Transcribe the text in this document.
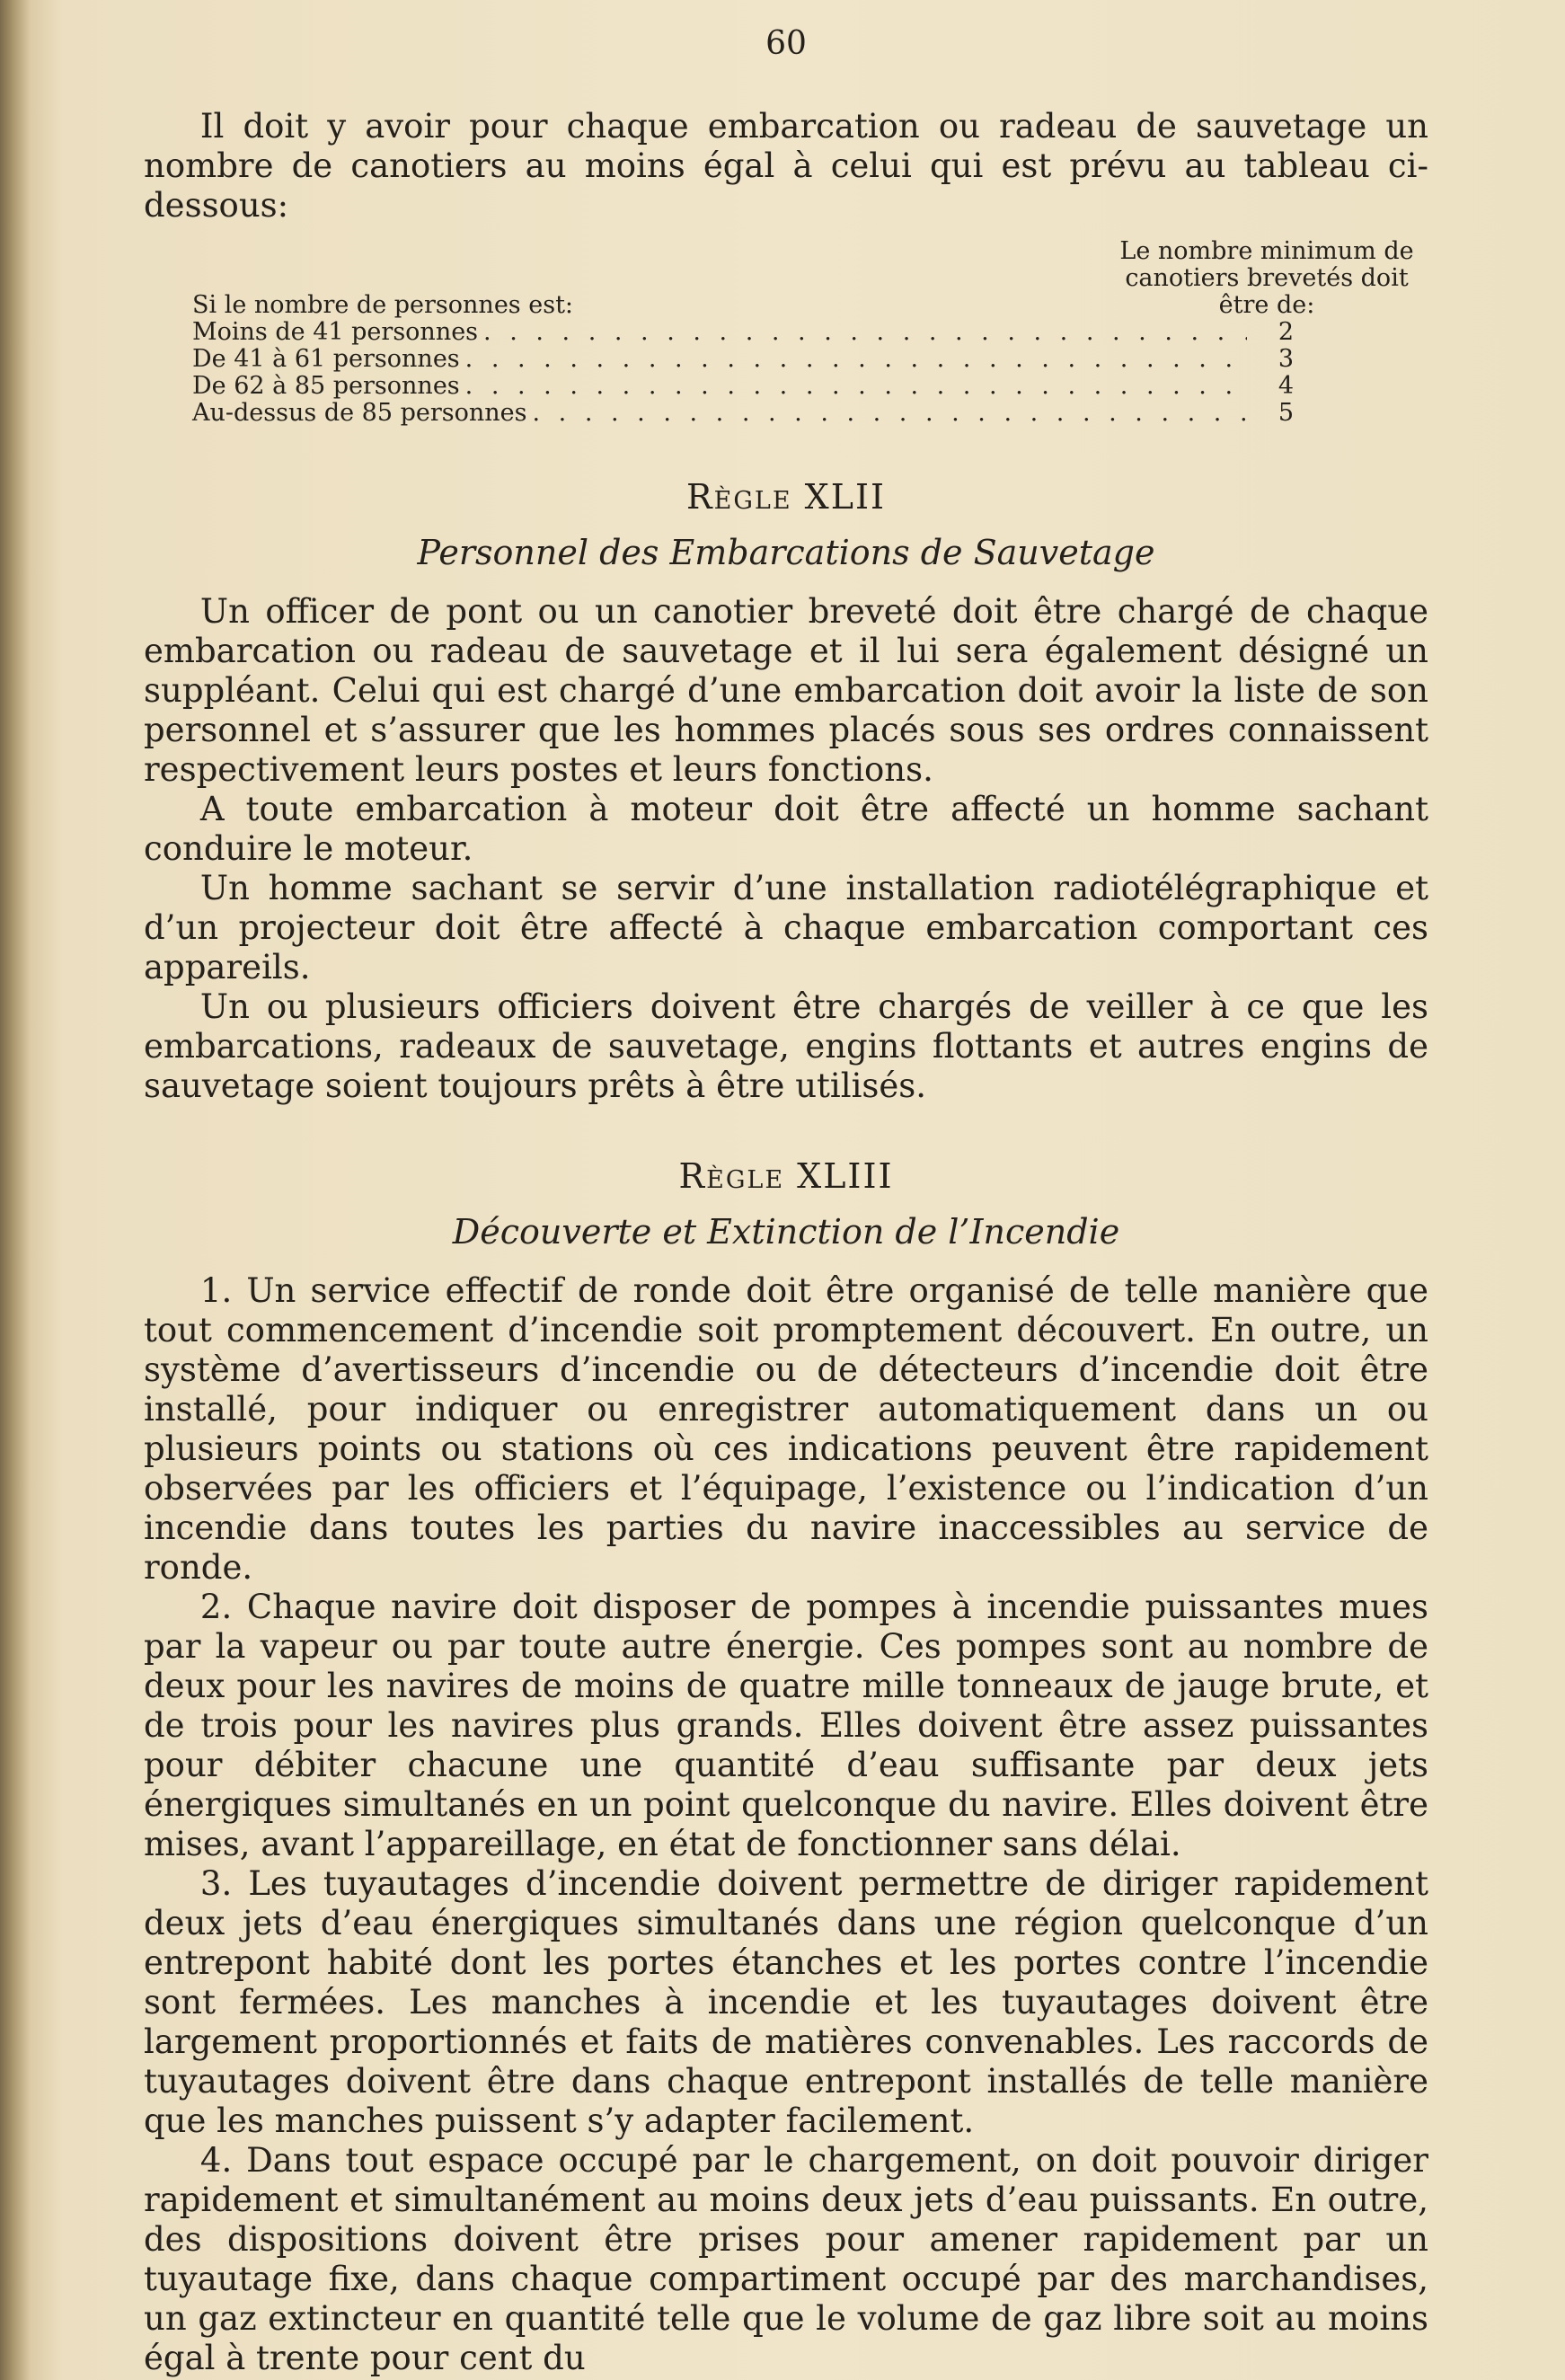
60

Il doit y avoir pour chaque embarcation ou radeau de sauvetage un nombre de canotiers au moins égal à celui qui est prévu au tableau ci-dessous:

Si le nombre de personnes est:
Le nombre minimum de canotiers brevetés doit être de:
Moins de 41 personnes . . .	2
De 41 à 61 personnes . . .	3
De 62 à 85 personnes . . .	4
Au-dessus de 85 personnes . . .	5
Règle XLII
Personnel des Embarcations de Sauvetage

Un officer de pont ou un canotier breveté doit être chargé de chaque embarcation ou radeau de sauvetage et il lui sera également désigné un suppléant. Celui qui est chargé d’une embarcation doit avoir la liste de son personnel et s’assurer que les hommes placés sous ses ordres connaissent respectivement leurs postes et leurs fonctions.

A toute embarcation à moteur doit être affecté un homme sachant conduire le moteur.

Un homme sachant se servir d’une installation radiotélégraphique et d’un projecteur doit être affecté à chaque embarcation comportant ces appareils.

Un ou plusieurs officiers doivent être chargés de veiller à ce que les embarcations, radeaux de sauvetage, engins flottants et autres engins de sauvetage soient toujours prêts à être utilisés.

Règle XLIII
Découverte et Extinction de l’Incendie

1. Un service effectif de ronde doit être organisé de telle manière que tout commencement d’incendie soit promptement découvert. En outre, un système d’avertisseurs d’incendie ou de détecteurs d’incendie doit être installé, pour indiquer ou enregistrer automatiquement dans un ou plusieurs points ou stations où ces indications peuvent être rapidement observées par les officiers et l’équipage, l’existence ou l’indication d’un incendie dans toutes les parties du navire inaccessibles au service de ronde.

2. Chaque navire doit disposer de pompes à incendie puissantes mues par la vapeur ou par toute autre énergie. Ces pompes sont au nombre de deux pour les navires de moins de quatre mille tonneaux de jauge brute, et de trois pour les navires plus grands. Elles doivent être assez puissantes pour débiter chacune une quantité d’eau suffisante par deux jets énergiques simultanés en un point quelconque du navire. Elles doivent être mises, avant l’appareillage, en état de fonctionner sans délai.

3. Les tuyautages d’incendie doivent permettre de diriger rapidement deux jets d’eau énergiques simultanés dans une région quelconque d’un entrepont habité dont les portes étanches et les portes contre l’incendie sont fermées. Les manches à incendie et les tuyautages doivent être largement proportionnés et faits de matières convenables. Les raccords de tuyautages doivent être dans chaque entrepont installés de telle manière que les manches puissent s’y adapter facilement.

4. Dans tout espace occupé par le chargement, on doit pouvoir diriger rapidement et simultanément au moins deux jets d’eau puissants. En outre, des dispositions doivent être prises pour amener rapidement par un tuyautage fixe, dans chaque compartiment occupé par des marchandises, un gaz extincteur en quantité telle que le volume de gaz libre soit au moins égal à trente pour cent du
